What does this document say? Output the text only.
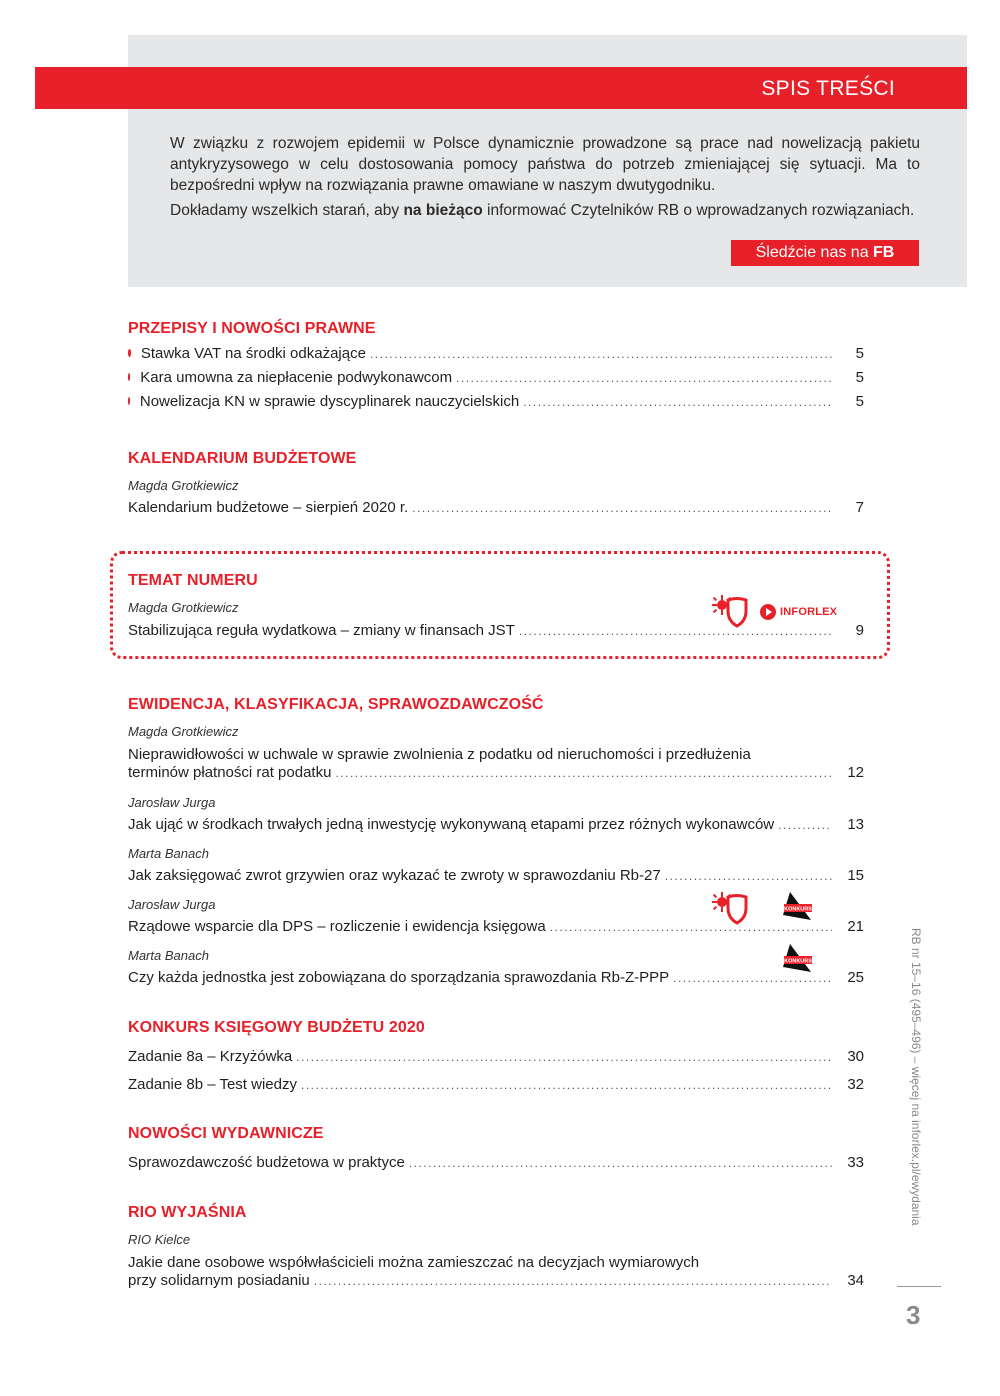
SPIS TREŚCI

W związku z rozwojem epidemii w Polsce dynamicznie prowadzone są prace nad nowelizacją pakietu antykryzysowego w celu dostosowania pomocy państwa do potrzeb zmieniającej się sytuacji. Ma to bezpośredni wpływ na rozwiązania prawne omawiane w naszym dwutygodniku.

Dokładamy wszelkich starań, aby na bieżąco informować Czytelników RB o wprowadzanych rozwiązaniach.

Śledźcie nas na FB
PRZEPISY I NOWOŚCI PRAWNE
Stawka VAT na środki odkażające .....	5
Kara umowna za niepłacenie podwykonawcom .....	5
Nowelizacja KN w sprawie dyscyplinarek nauczycielskich .....	5
KALENDARIUM BUDŻETOWE
Magda Grotkiewicz
Kalendarium budżetowe – sierpień 2020 r. .....	7
TEMAT NUMERU
Magda Grotkiewicz	INFORLEX
Stabilizująca reguła wydatkowa – zmiany w finansach JST .....	9
EWIDENCJA, KLASYFIKACJA, SPRAWOZDAWCZOŚĆ
Magda Grotkiewicz
Nieprawidłowości w uchwale w sprawie zwolnienia z podatku od nieruchomości i przedłużenia
terminów płatności rat podatku .....	12
Jarosław Jurga
Jak ująć w środkach trwałych jedną inwestycję wykonywaną etapami przez różnych wykonawców .....	13
Marta Banach
Jak zaksięgować zwrot grzywien oraz wykazać te zwroty w sprawozdaniu Rb-27 .....	15
Jarosław Jurga	KONKURS
Rządowe wsparcie dla DPS – rozliczenie i ewidencja księgowa .....	21
Marta Banach	KONKURS
Czy każda jednostka jest zobowiązana do sporządzania sprawozdania Rb-Z-PPP .....	25
KONKURS KSIĘGOWY BUDŻETU 2020
Zadanie 8a – Krzyżówka .....	30
Zadanie 8b – Test wiedzy .....	32
NOWOŚCI WYDAWNICZE
Sprawozdawczość budżetowa w praktyce .....	33
RIO WYJAŚNIA
RIO Kielce
Jakie dane osobowe współwłaścicieli można zamieszczać na decyzjach wymiarowych
przy solidarnym posiadaniu .....	34
RB nr 15–16 (495–496) – więcej na inforlex.pl/ewydania
3
